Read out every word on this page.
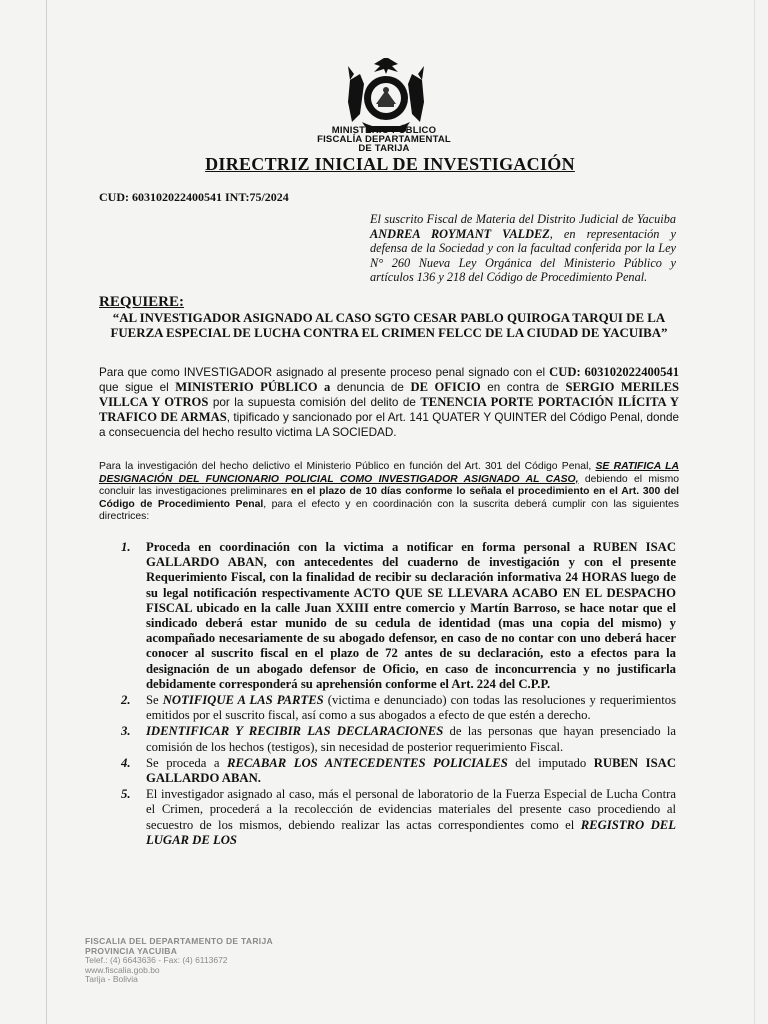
MINISTERIO PÚBLICO
FISCALÍA DEPARTAMENTAL
DE TARIJA
DIRECTRIZ INICIAL DE INVESTIGACIÓN
CUD: 603102022400541 INT:75/2024
El suscrito Fiscal de Materia del Distrito Judicial de Yacuiba ANDREA ROYMANT VALDEZ, en representación y defensa de la Sociedad y con la facultad conferida por la Ley N° 260 Nueva Ley Orgánica del Ministerio Público y artículos 136 y 218 del Código de Procedimiento Penal.
REQUIERE:
“AL INVESTIGADOR ASIGNADO AL CASO SGTO CESAR PABLO QUIROGA TARQUI DE LA FUERZA ESPECIAL DE LUCHA CONTRA EL CRIMEN FELCC DE LA CIUDAD DE YACUIBA”
Para que como INVESTIGADOR asignado al presente proceso penal signado con el CUD: 603102022400541 que sigue el MINISTERIO PÚBLICO a denuncia de DE OFICIO en contra de SERGIO MERILES VILLCA Y OTROS por la supuesta comisión del delito de TENENCIA PORTE PORTACIÓN ILÍCITA Y TRAFICO DE ARMAS, tipificado y sancionado por el Art. 141 QUATER Y QUINTER del Código Penal, donde a consecuencia del hecho resulto victima LA SOCIEDAD.
Para la investigación del hecho delictivo el Ministerio Público en función del Art. 301 del Código Penal, SE RATIFICA LA DESIGNACIÓN DEL FUNCIONARIO POLICIAL COMO INVESTIGADOR ASIGNADO AL CASO, debiendo el mismo concluir las investigaciones preliminares en el plazo de 10 días conforme lo señala el procedimiento en el Art. 300 del Código de Procedimiento Penal, para el efecto y en coordinación con la suscrita deberá cumplir con las siguientes directrices:
1. Proceda en coordinación con la victima a notificar en forma personal a RUBEN ISAC GALLARDO ABAN, con antecedentes del cuaderno de investigación y con el presente Requerimiento Fiscal, con la finalidad de recibir su declaración informativa 24 HORAS luego de su legal notificación respectivamente ACTO QUE SE LLEVARA ACABO EN EL DESPACHO FISCAL ubicado en la calle Juan XXIII entre comercio y Martín Barroso, se hace notar que el sindicado deberá estar munido de su cedula de identidad (mas una copia del mismo) y acompañado necesariamente de su abogado defensor, en caso de no contar con uno deberá hacer conocer al suscrito fiscal en el plazo de 72 antes de su declaración, esto a efectos para la designación de un abogado defensor de Oficio, en caso de inconcurrencia y no justificarla debidamente corresponderá su aprehensión conforme el Art. 224 del C.P.P.
2. Se NOTIFIQUE A LAS PARTES (victima e denunciado) con todas las resoluciones y requerimientos emitidos por el suscrito fiscal, así como a sus abogados a efecto de que estén a derecho.
3. IDENTIFICAR Y RECIBIR LAS DECLARACIONES de las personas que hayan presenciado la comisión de los hechos (testigos), sin necesidad de posterior requerimiento Fiscal.
4. Se proceda a RECABAR LOS ANTECEDENTES POLICIALES del imputado RUBEN ISAC GALLARDO ABAN.
5. El investigador asignado al caso, más el personal de laboratorio de la Fuerza Especial de Lucha Contra el Crimen, procederá a la recolección de evidencias materiales del presente caso procediendo al secuestro de los mismos, debiendo realizar las actas correspondientes como el REGISTRO DEL LUGAR DE LOS
FISCALIA DEL DEPARTAMENTO DE TARIJA
PROVINCIA YACUIBA
Telef.: (4) 6643636 - Fax: (4) 6113672
www.fiscalia.gob.bo
Tarija - Bolivia
